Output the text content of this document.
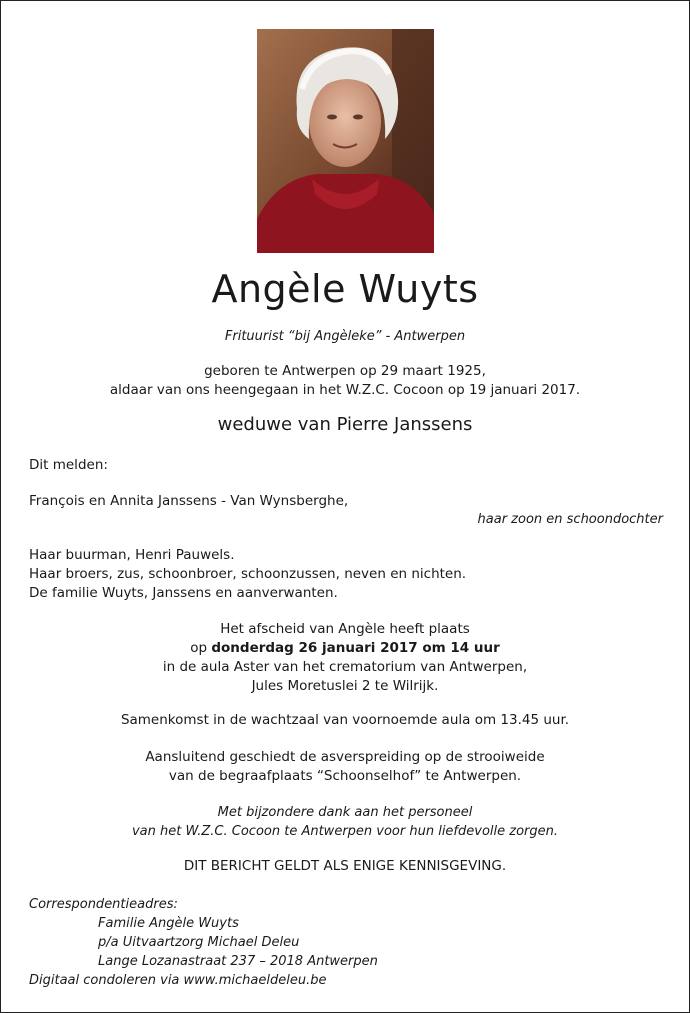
Angèle Wuyts
Frituurist “bij Angèleke” - Antwerpen
geboren te Antwerpen op 29 maart 1925,
aldaar van ons heengegaan in het W.Z.C. Cocoon op 19 januari 2017.
weduwe van Pierre Janssens
Dit melden:
François en Annita Janssens - Van Wynsberghe,
haar zoon en schoondochter
Haar buurman, Henri Pauwels.
Haar broers, zus, schoonbroer, schoonzussen, neven en nichten.
De familie Wuyts, Janssens en aanverwanten.
Het afscheid van Angèle heeft plaats
op donderdag 26 januari 2017 om 14 uur
in de aula Aster van het crematorium van Antwerpen,
Jules Moretuslei 2 te Wilrijk.
Samenkomst in de wachtzaal van voornoemde aula om 13.45 uur.
Aansluitend geschiedt de asverspreiding op de strooiweide
van de begraafplaats “Schoonselhof” te Antwerpen.
Met bijzondere dank aan het personeel
van het W.Z.C. Cocoon te Antwerpen voor hun liefdevolle zorgen.
DIT BERICHT GELDT ALS ENIGE KENNISGEVING.
Correspondentieadres:
Familie Angèle Wuyts
p/a Uitvaartzorg Michael Deleu
Lange Lozanastraat 237 – 2018 Antwerpen
Digitaal condoleren via www.michaeldeleu.be
